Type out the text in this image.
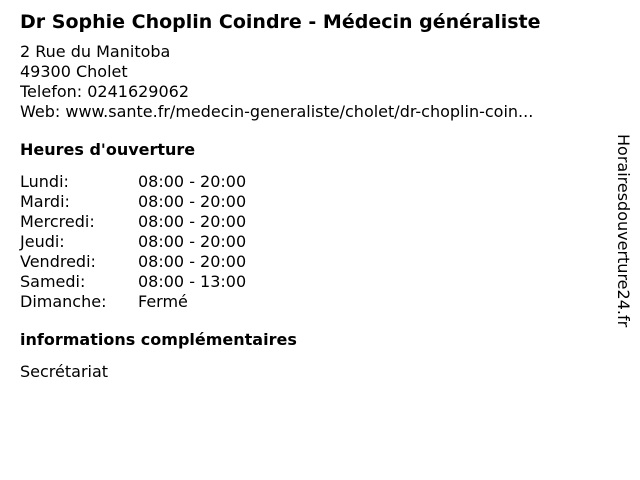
Dr Sophie Choplin Coindre - Médecin généraliste
2 Rue du Manitoba
49300 Cholet
Telefon: 0241629062
Web: www.sante.fr/medecin-generaliste/cholet/dr-choplin-coin...
Heures d'ouverture
Lundi:	08:00 - 20:00
Mardi:	08:00 - 20:00
Mercredi:	08:00 - 20:00
Jeudi:	08:00 - 20:00
Vendredi:	08:00 - 20:00
Samedi:	08:00 - 13:00
Dimanche:	Fermé
informations complémentaires
Secrétariat
Horairesdouverture24.fr
